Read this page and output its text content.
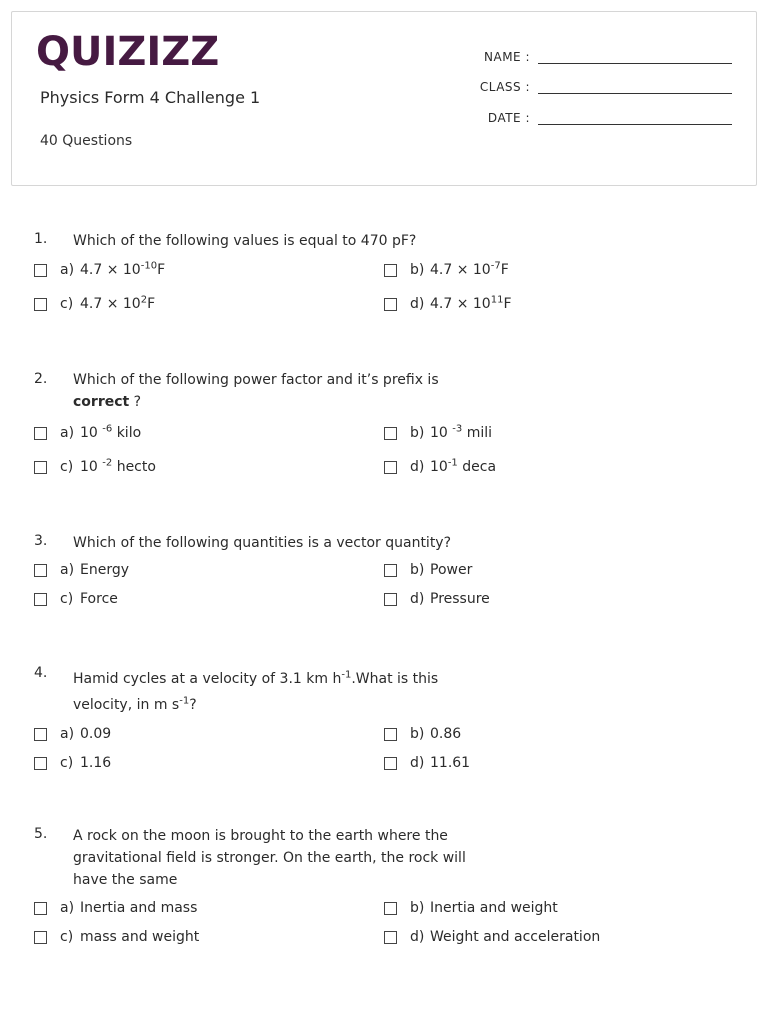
QUIZIZZ
Physics Form 4 Challenge 1
40 Questions
NAME :
CLASS :
DATE :
1. Which of the following values is equal to 470 pF?
a) $4.7 \times 10^{-10}F$	b) $4.7 \times 10^{-7}F$
c) $4.7 \times 10^2F$	d) $4.7 \times 10^{11}F$
2. Which of the following power factor and it’s prefix is
correct ?
a) 10 $^{-6}$ kilo	b) 10 $^{-3}$ mili
c) 10 $^{-2}$ hecto	d) $10^{-1}$ deca
3. Which of the following quantities is a vector quantity?
a) Energy	b) Power
c) Force	d) Pressure
4. Hamid cycles at a velocity of 3.1 km $h^{-1}.What$ is this
velocity, in m $s^{-1}$?
a) 0.09	b) 0.86
c) 1.16	d) 11.61
5. A rock on the moon is brought to the earth where the
gravitational field is stronger. On the earth, the rock will
have the same
a) Inertia and mass	b) Inertia and weight
c) mass and weight	d) Weight and acceleration
